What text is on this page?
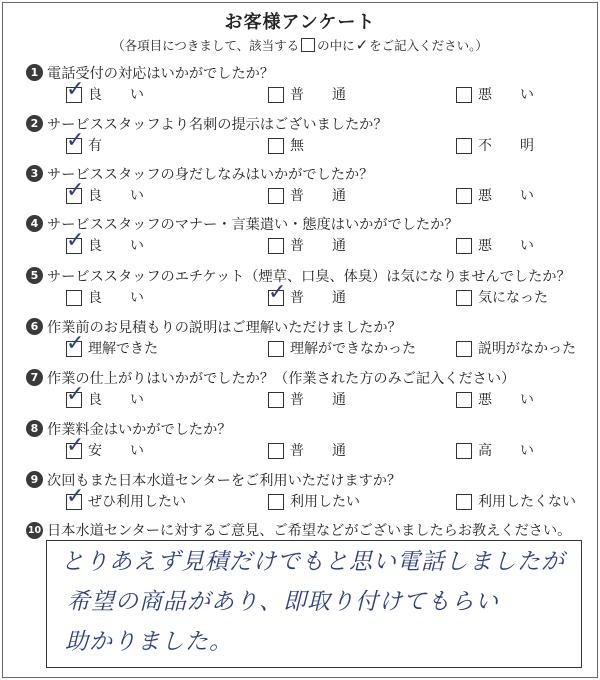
お客様アンケート
（各項目につきまして、該当する の中に✓をご記入ください。）
1 電話受付の対応はいかがでしたか？
✓ 良　　い	普　　通	悪　　い
2 サービススタッフより名刺の提示はございましたか？
✓ 有	無	不　　明
3 サービススタッフの身だしなみはいかがでしたか？
✓ 良　　い	普　　通	悪　　い
4 サービススタッフのマナー・言葉遣い・態度はいかがでしたか？
✓ 良　　い	普　　通	悪　　い
5 サービススタッフのエチケット（煙草、口臭、体臭）は気になりませんでしたか？
良　　い	✓ 普　　通	気になった
6 作業前のお見積もりの説明はご理解いただけましたか？
✓ 理解できた	理解ができなかった	説明がなかった
7 作業の仕上がりはいかがでしたか？（作業された方のみご記入ください）
✓ 良　　い	普　　通	悪　　い
8 作業料金はいかがでしたか？
✓ 安　　い	普　　通	高　　い
9 次回もまた日本水道センターをご利用いただけますか？
✓ ぜひ利用したい	利用したい	利用したくない
10 日本水道センターに対するご意見、ご希望などがございましたらお教えください。
とりあえず見積だけでもと思い電話しましたが
希望の商品があり、即取り付けてもらい
助かりました。
